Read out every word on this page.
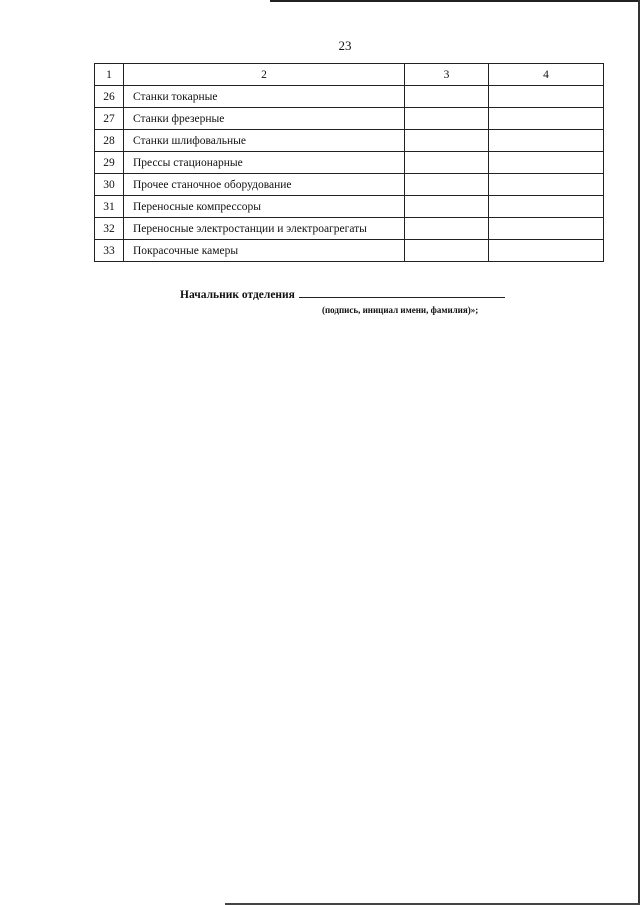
23
1	2	3	4
26	Станки токарные		
27	Станки фрезерные		
28	Станки шлифовальные		
29	Прессы стационарные		
30	Прочее станочное оборудование		
31	Переносные компрессоры		
32	Переносные электростанции и электроагрегаты		
33	Покрасочные камеры		
Начальник отделения
(подпись, инициал имени, фамилия)»;
